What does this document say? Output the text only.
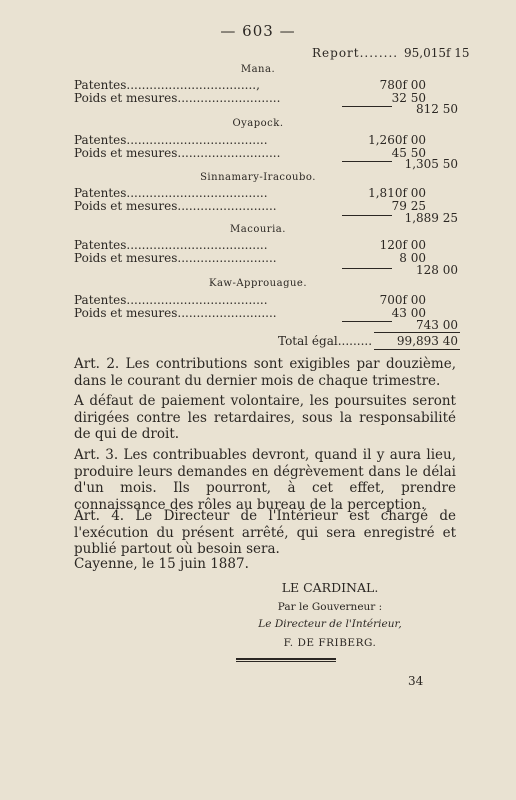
— 603 —
Report........ 95,015f 15
Mana.
Patentes..................................,	780f 00
Poids et mesures...........................	32 50
812 50
Oyapock.
Patentes.....................................	1,260f 00
Poids et mesures...........................	45 50
1,305 50
Sinnamary-Iracoubo.
Patentes.....................................	1,810f 00
Poids et mesures..........................	79 25
1,889 25
Macouria.
Patentes.....................................	120f 00
Poids et mesures..........................	8 00
128 00
Kaw-Approuague.
Patentes.....................................	700f 00
Poids et mesures..........................	43 00
743 00
Total égal.........	99,893 40
Art. 2. Les contributions sont exigibles par douzième, dans le courant du dernier mois de chaque trimestre.
A défaut de paiement volontaire, les poursuites seront dirigées contre les retardaires, sous la responsabilité de qui de droit.
Art. 3. Les contribuables devront, quand il y aura lieu, produire leurs demandes en dégrèvement dans le délai d'un mois. Ils pourront, à cet effet, prendre connaissance des rôles au bureau de la perception.
Art. 4. Le Directeur de l'Intérieur est chargé de l'exécution du présent arrêté, qui sera enregistré et publié partout où besoin sera.
Cayenne, le 15 juin 1887.
LE CARDINAL.
Par le Gouverneur :
Le Directeur de l'Intérieur,
F. DE FRIBERG.
34
